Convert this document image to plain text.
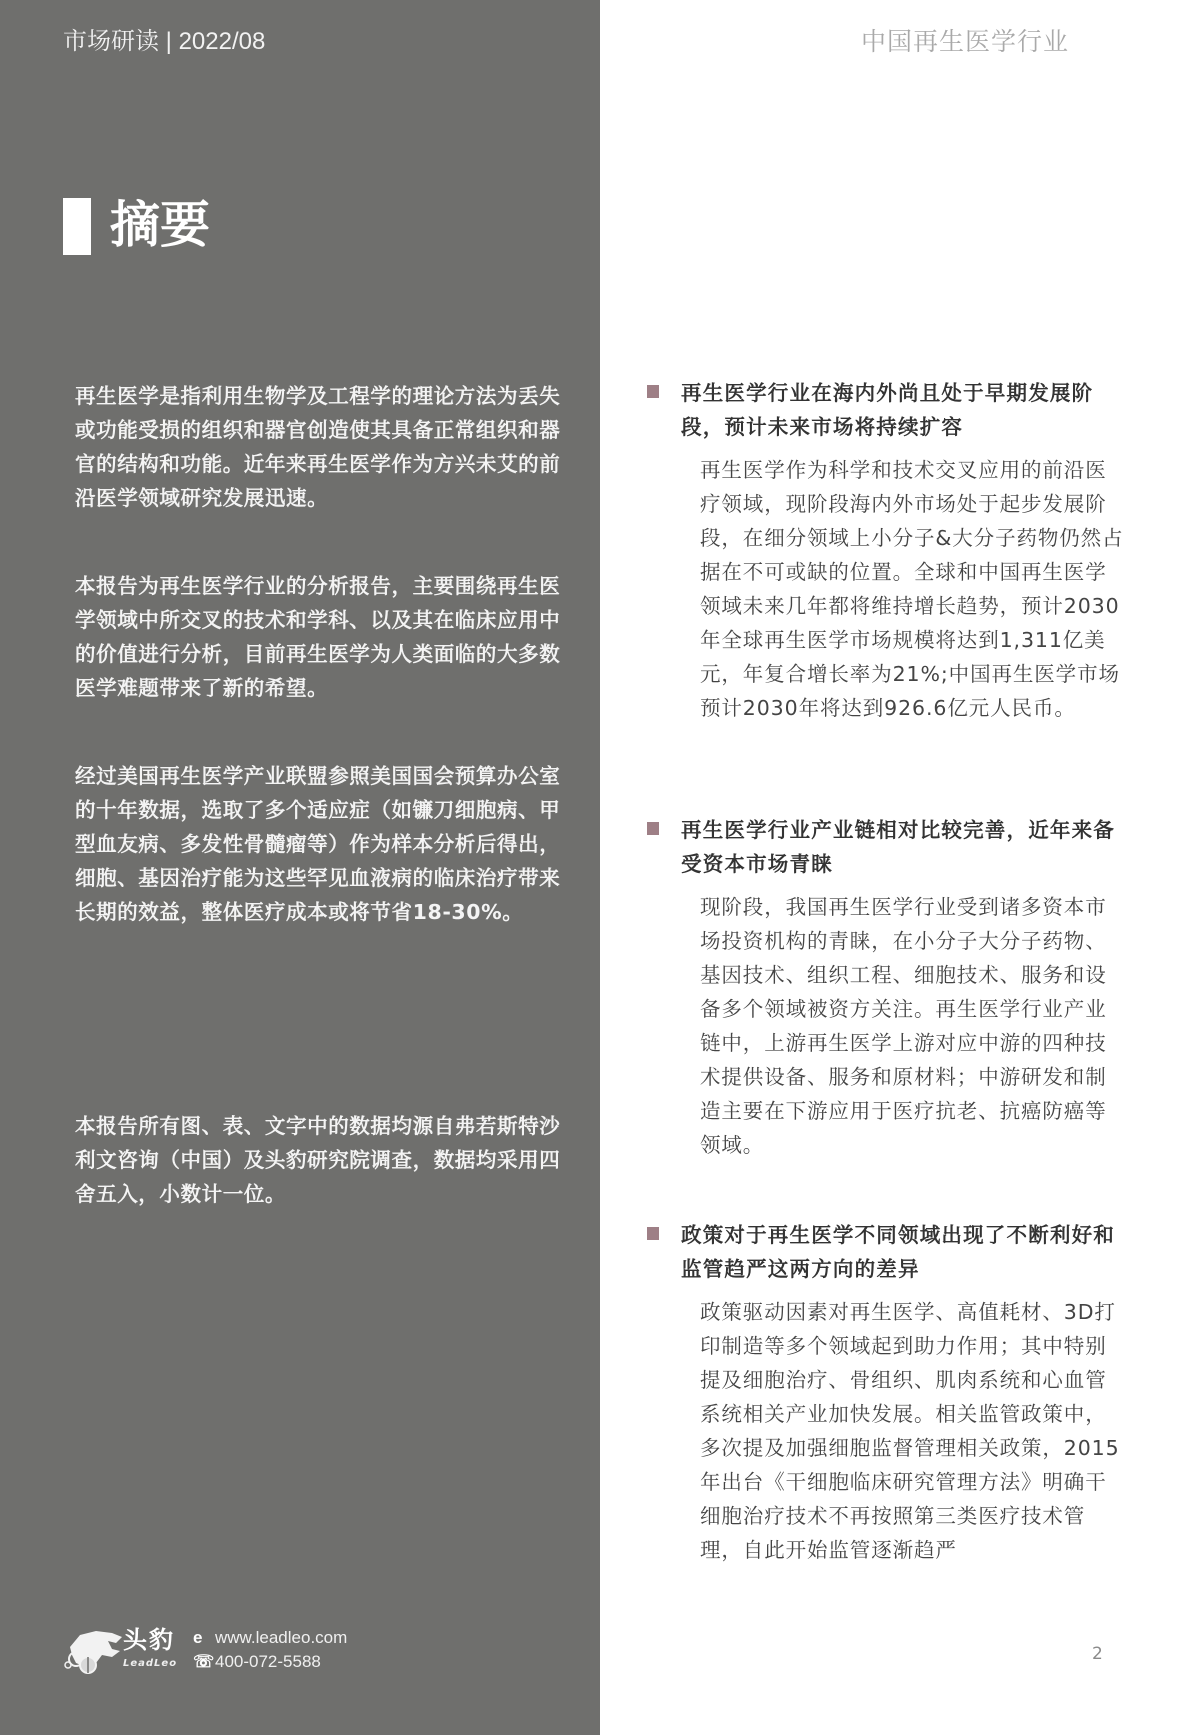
市场研读 | 2022/08	中国再生医学行业
摘要
再生医学是指利用生物学及工程学的理论方法为丢失或功能受损的组织和器官创造使其具备正常组织和器官的结构和功能。近年来再生医学作为方兴未艾的前沿医学领域研究发展迅速。
本报告为再生医学行业的分析报告，主要围绕再生医学领域中所交叉的技术和学科、以及其在临床应用中的价值进行分析，目前再生医学为人类面临的大多数医学难题带来了新的希望。
经过美国再生医学产业联盟参照美国国会预算办公室的十年数据，选取了多个适应症（如镰刀细胞病、甲型血友病、多发性骨髓瘤等）作为样本分析后得出，细胞、基因治疗能为这些罕见血液病的临床治疗带来长期的效益，整体医疗成本或将节省18-30%。
本报告所有图、表、文字中的数据均源自弗若斯特沙利文咨询（中国）及头豹研究院调查，数据均采用四舍五入，小数计一位。
再生医学行业在海内外尚且处于早期发展阶段，预计未来市场将持续扩容
再生医学作为科学和技术交叉应用的前沿医疗领域，现阶段海内外市场处于起步发展阶段，在细分领域上小分子&大分子药物仍然占据在不可或缺的位置。全球和中国再生医学领域未来几年都将维持增长趋势，预计2030年全球再生医学市场规模将达到1,311亿美元，年复合增长率为21%;中国再生医学市场预计2030年将达到926.6亿元人民币。
再生医学行业产业链相对比较完善，近年来备受资本市场青睐
现阶段，我国再生医学行业受到诸多资本市场投资机构的青睐，在小分子大分子药物、基因技术、组织工程、细胞技术、服务和设备多个领域被资方关注。再生医学行业产业链中，上游再生医学上游对应中游的四种技术提供设备、服务和原材料；中游研发和制造主要在下游应用于医疗抗老、抗癌防癌等领域。
政策对于再生医学不同领域出现了不断利好和监管趋严这两方向的差异
政策驱动因素对再生医学、高值耗材、3D打印制造等多个领域起到助力作用；其中特别提及细胞治疗、骨组织、肌肉系统和心血管系统相关产业加快发展。相关监管政策中，多次提及加强细胞监督管理相关政策，2015年出台《干细胞临床研究管理方法》明确干细胞治疗技术不再按照第三类医疗技术管理，自此开始监管逐渐趋严
头豹
LeadLeo
e www.leadleo.com
☏400-072-5588	2
